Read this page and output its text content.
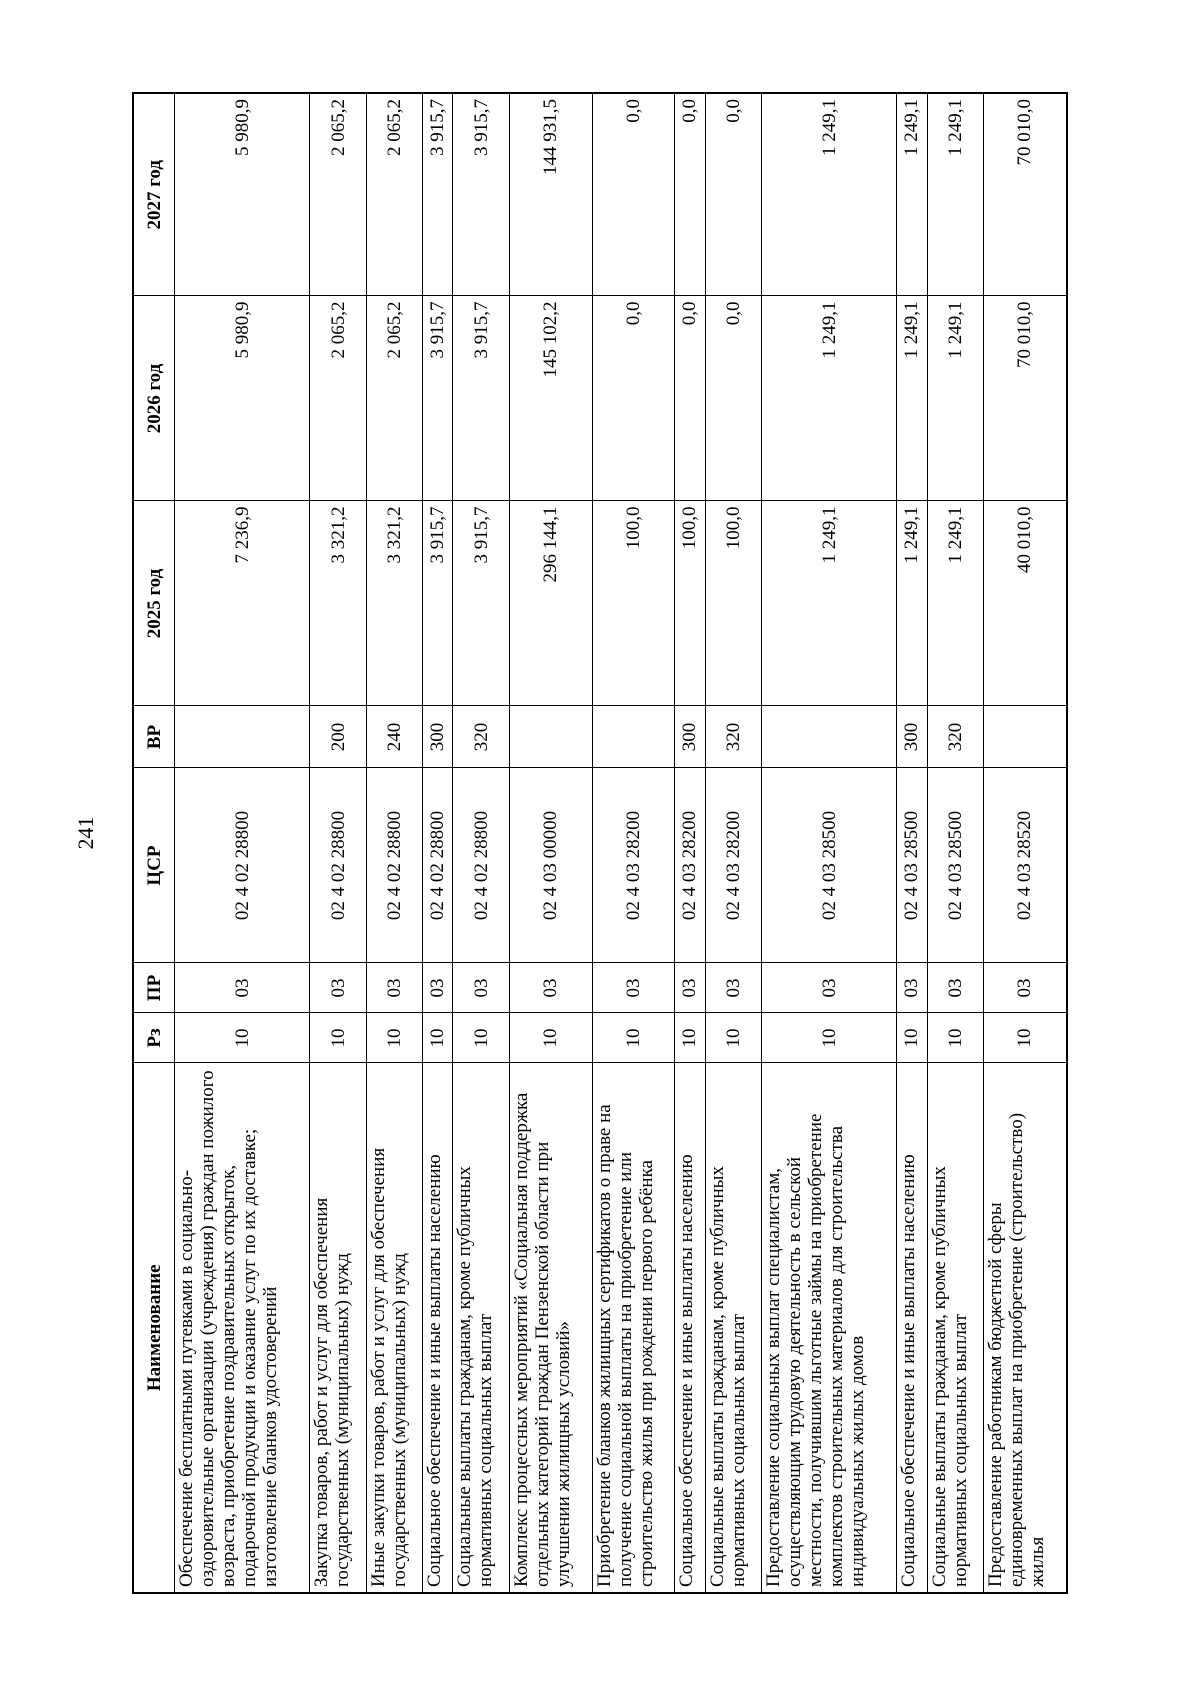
241
Наименование	Рз	ПР	ЦСР	ВР	2025 год	2026 год	2027 год
Обеспечение бесплатными путевками в социально-оздоровительные организации (учреждения) граждан пожилого возраста, приобретение поздравительных открыток, подарочной продукции и оказание услуг по их доставке; изготовление бланков удостоверений	10	03	02 4 02 28800		7 236,9	5 980,9	5 980,9
Закупка товаров, работ и услуг для обеспечения государственных (муниципальных) нужд	10	03	02 4 02 28800	200	3 321,2	2 065,2	2 065,2
Иные закупки товаров, работ и услуг для обеспечения государственных (муниципальных) нужд	10	03	02 4 02 28800	240	3 321,2	2 065,2	2 065,2
Социальное обеспечение и иные выплаты населению	10	03	02 4 02 28800	300	3 915,7	3 915,7	3 915,7
Социальные выплаты гражданам, кроме публичных нормативных социальных выплат	10	03	02 4 02 28800	320	3 915,7	3 915,7	3 915,7
Комплекс процессных мероприятий «Социальная поддержка отдельных категорий граждан Пензенской области при улучшении жилищных условий»	10	03	02 4 03 00000		296 144,1	145 102,2	144 931,5
Приобретение бланков жилищных сертификатов о праве на получение социальной выплаты на приобретение или строительство жилья при рождении первого ребёнка	10	03	02 4 03 28200		100,0	0,0	0,0
Социальное обеспечение и иные выплаты населению	10	03	02 4 03 28200	300	100,0	0,0	0,0
Социальные выплаты гражданам, кроме публичных нормативных социальных выплат	10	03	02 4 03 28200	320	100,0	0,0	0,0
Предоставление социальных выплат специалистам, осуществляющим трудовую деятельность в сельской местности, получившим льготные займы на приобретение комплектов строительных материалов для строительства индивидуальных жилых домов	10	03	02 4 03 28500		1 249,1	1 249,1	1 249,1
Социальное обеспечение и иные выплаты населению	10	03	02 4 03 28500	300	1 249,1	1 249,1	1 249,1
Социальные выплаты гражданам, кроме публичных нормативных социальных выплат	10	03	02 4 03 28500	320	1 249,1	1 249,1	1 249,1
Предоставление работникам бюджетной сферы единовременных выплат на приобретение (строительство) жилья	10	03	02 4 03 28520		40 010,0	70 010,0	70 010,0
